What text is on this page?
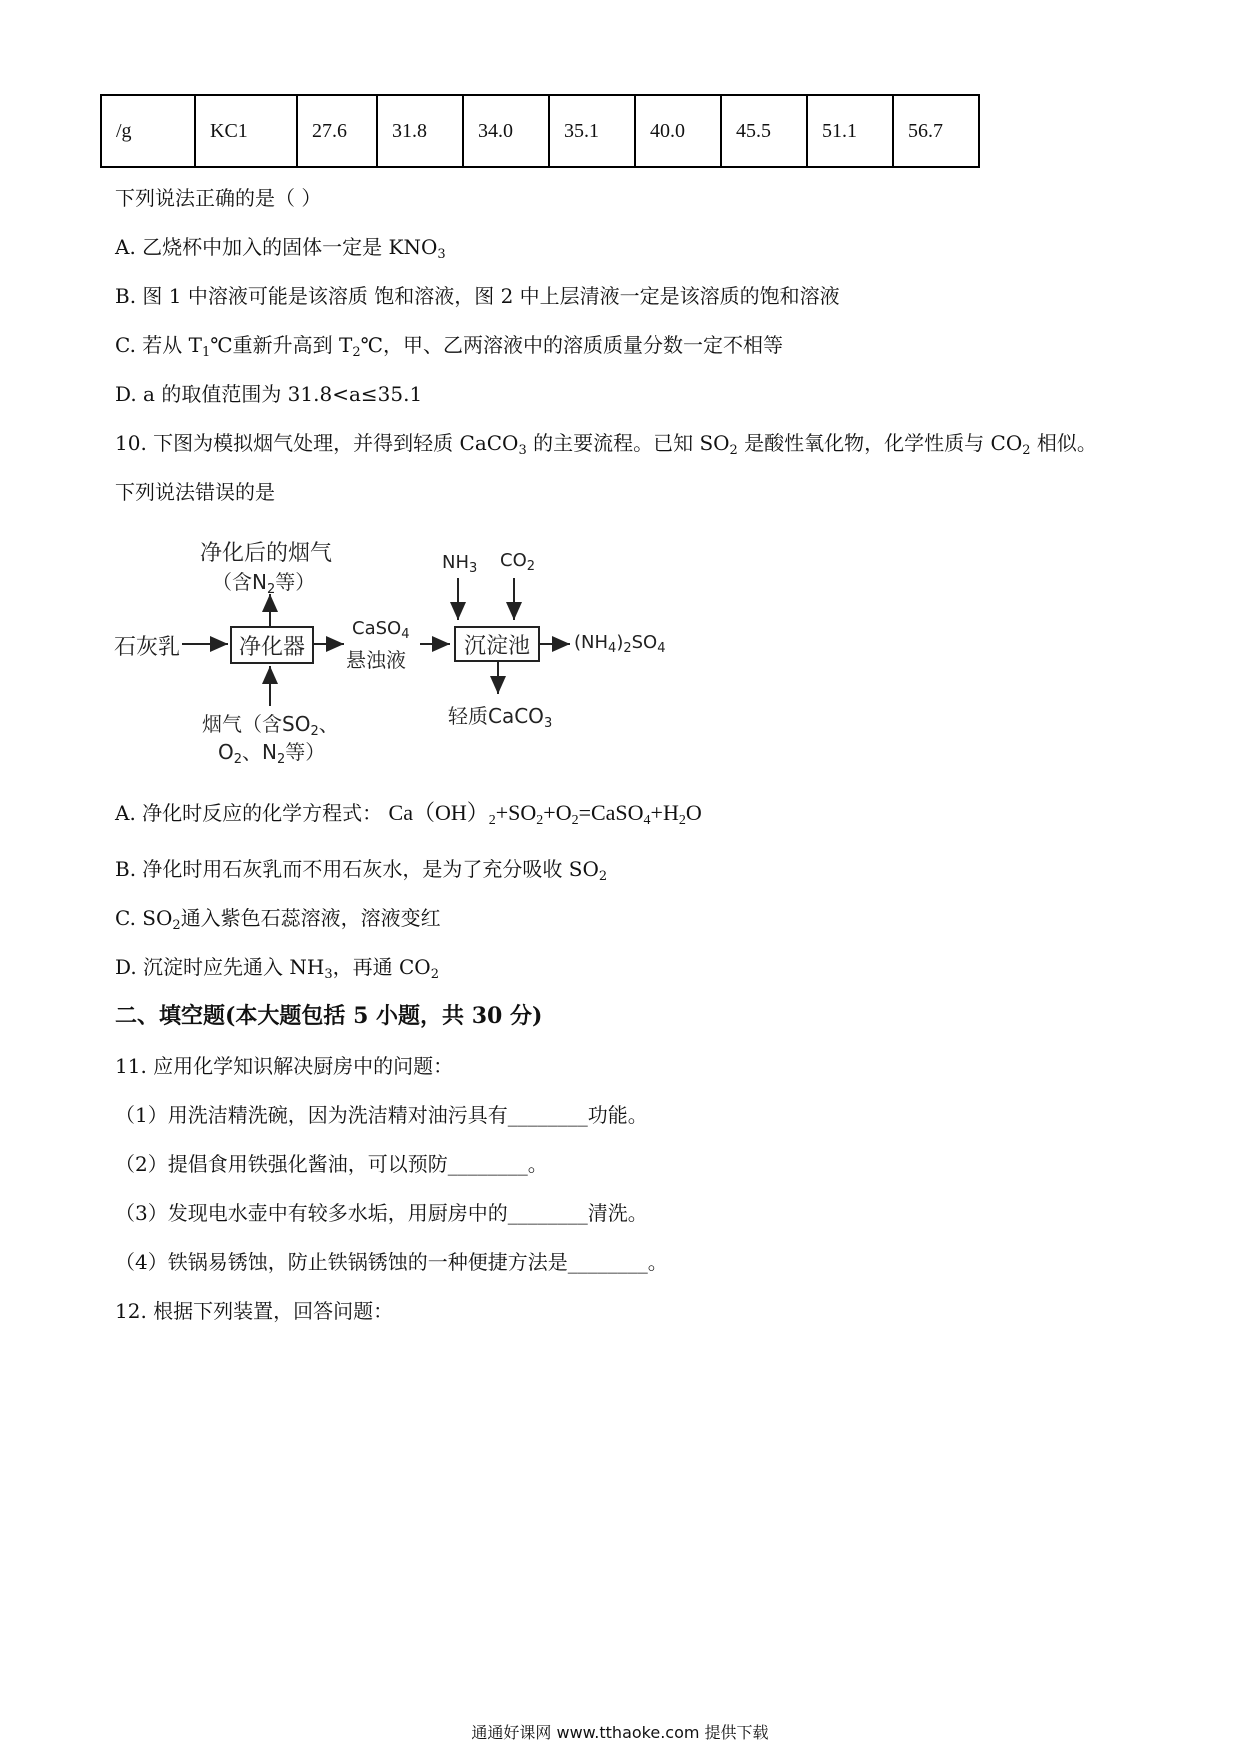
/g	KC1	27.6	31.8	34.0	35.1	40.0	45.5	51.1	56.7
下列说法正确的是（ ）
A. 乙烧杯中加入的固体一定是 $KNO_3$
B. 图 1 中溶液可能是该溶质 饱和溶液，图 2 中上层清液一定是该溶质的饱和溶液
C. 若从 $T_1℃$重新升高到 $T_2℃$，甲、乙两溶液中的溶质质量分数一定不相等
D. a 的取值范围为 31.8<a≤35.1
10. 下图为模拟烟气处理，并得到轻质 CaCO$_3$ 的主要流程。已知 $SO_2$ 是酸性氧化物，化学性质与 $CO_2$ 相似。
下列说法错误的是
石灰乳	净化器
净化后的烟气
（含$N_2$等）
烟气（含$SO_2$、
$O_2$、$N_2$等）
CaSO$_4$
悬浊液
沉淀池
$NH_3$ $CO_2$
$(NH_4)_2SO_4$
轻质CaCO$_3$
A. 净化时反应的化学方程式： $Ca(OH)_2+SO_2+O_2=CaSO_4+H_2O$
B. 净化时用石灰乳而不用石灰水，是为了充分吸收 $SO_2$
C. $SO_2$通入紫色石蕊溶液，溶液变红
D. 沉淀时应先通入 $NH_3$，再通 $CO_2$
二、填空题(本大题包括 5 小题，共 30 分)
11. 应用化学知识解决厨房中的问题：
（1）用洗洁精洗碗，因为洗洁精对油污具有________功能。
（2）提倡食用铁强化酱油，可以预防________。
（3）发现电水壶中有较多水垢，用厨房中的________清洗。
（4）铁锅易锈蚀，防止铁锅锈蚀的一种便捷方法是________。
12. 根据下列装置，回答问题：
通通好课网 www.tthaoke.com 提供下载
